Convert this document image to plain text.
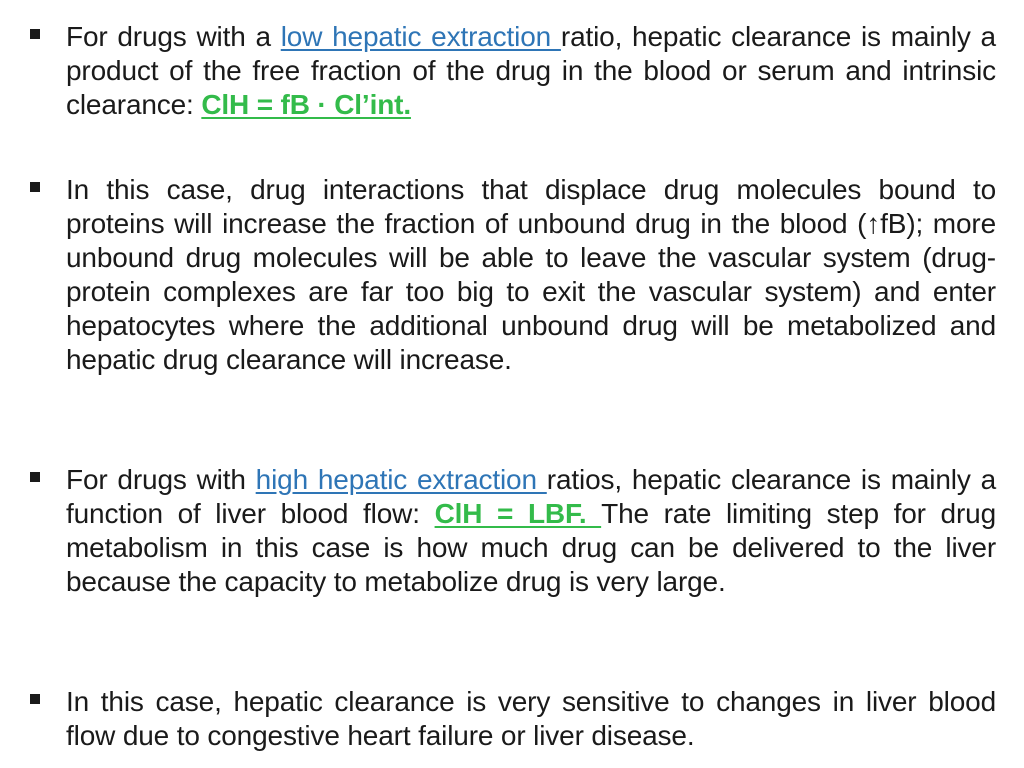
For drugs with a low hepatic extraction ratio, hepatic clearance is mainly a product of the free fraction of the drug in the blood or serum and intrinsic clearance: ClH = fB · Cl’int.
In this case, drug interactions that displace drug molecules bound to proteins will increase the fraction of unbound drug in the blood (↑fB); more unbound drug molecules will be able to leave the vascular system (drug-protein complexes are far too big to exit the vascular system) and enter hepatocytes where the additional unbound drug will be metabolized and hepatic drug clearance will increase.
For drugs with high hepatic extraction ratios, hepatic clearance is mainly a function of liver blood flow: ClH = LBF. The rate limiting step for drug metabolism in this case is how much drug can be delivered to the liver because the capacity to metabolize drug is very large.
In this case, hepatic clearance is very sensitive to changes in liver blood flow due to congestive heart failure or liver disease.
